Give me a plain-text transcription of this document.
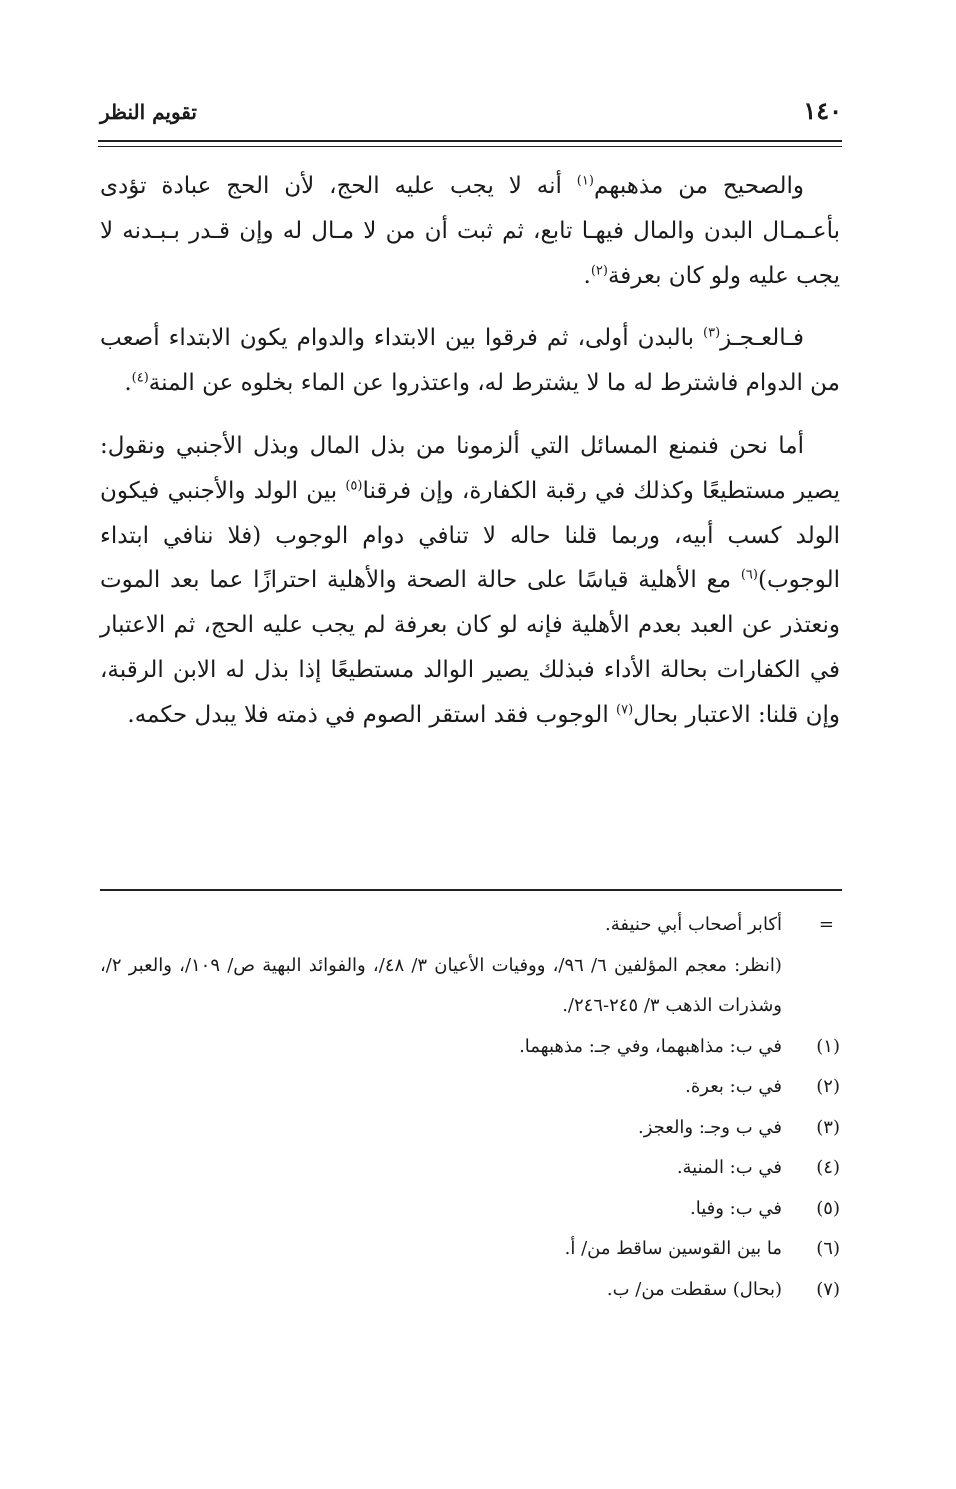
١٤٠
تقويم النظر

والصحيح من مذهبهم$^{(١)}$ أنه لا يجب عليه الحج، لأن الحج عبادة تؤدى بأعـمـال البدن والمال فيهـا تابع، ثم ثبت أن من لا مـال له وإن قـدر بـبـدنه لا يجب عليه ولو كان بعرفة$^{(٢)}$.

فـالعـجـز$^{(٣)}$ بالبدن أولى، ثم فرقوا بين الابتداء والدوام يكون الابتداء أصعب من الدوام فاشترط له ما لا يشترط له، واعتذروا عن الماء بخلوه عن المنة$^{(٤)}$.

أما نحن فنمنع المسائل التي ألزمونا من بذل المال وبذل الأجنبي ونقول: يصير مستطيعًا وكذلك في رقبة الكفارة، وإن فرقنا$^{(٥)}$ بين الولد والأجنبي فيكون الولد كسب أبيه، وربما قلنا حاله لا تنافي دوام الوجوب (فلا ننافي ابتداء الوجوب)$^{(٦)}$ مع الأهلية قياسًا على حالة الصحة والأهلية احترازًا عما بعد الموت ونعتذر عن العبد بعدم الأهلية فإنه لو كان بعرفة لم يجب عليه الحج، ثم الاعتبار في الكفارات بحالة الأداء فبذلك يصير الوالد مستطيعًا إذا بذل له الابن الرقبة، وإن قلنا: الاعتبار بحال$^{(٧)}$ الوجوب فقد استقر الصوم في ذمته فلا يبدل حكمه.

=
أكابر أصحاب أبي حنيفة.
(انظر: معجم المؤلفين ٦/ ٩٦/، ووفيات الأعيان ٣/ ٤٨/، والفوائد البهية ص/ ١٠٩/، والعبر ٢/، وشذرات الذهب ٣/ ٢٤٥-٢٤٦/.
(١)
في ب: مذاهبهما، وفي جـ: مذهبهما.
(٢)
في ب: بعرة.
(٣)
في ب وجـ: والعجز.
(٤)
في ب: المنية.
(٥)
في ب: وفيا.
(٦)
ما بين القوسين ساقط من/ أ.
(٧)
(بحال) سقطت من/ ب.
